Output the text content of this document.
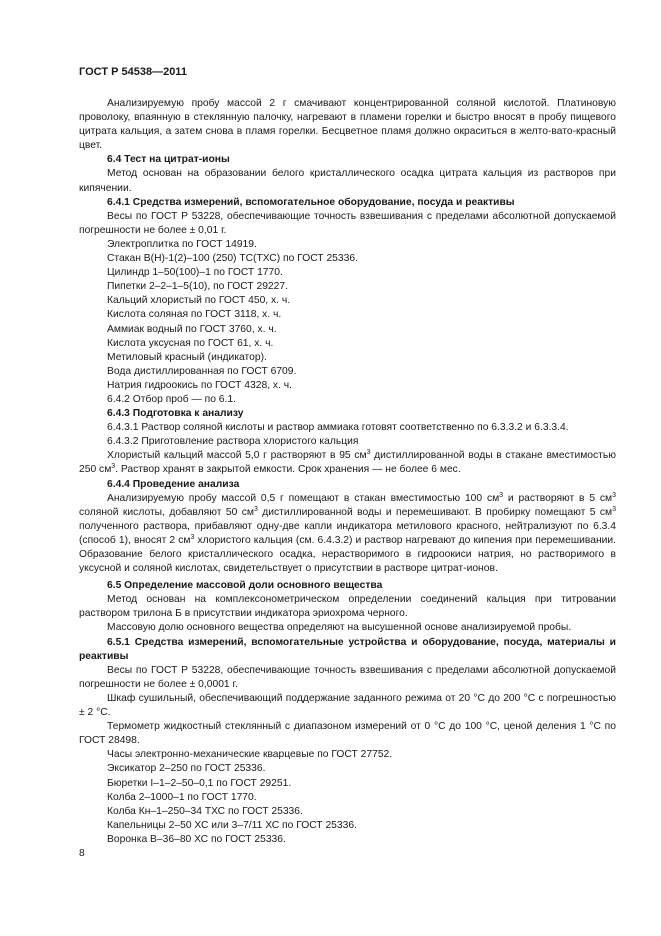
ГОСТ Р 54538—2011

Анализируемую пробу массой 2 г смачивают концентрированной соляной кислотой. Платиновую проволоку, впаянную в стеклянную палочку, нагревают в пламени горелки и быстро вносят в пробу пищевого цитрата кальция, а затем снова в пламя горелки. Бесцветное пламя должно окраситься в желто-вато-красный цвет.

6.4 Тест на цитрат-ионы

Метод основан на образовании белого кристаллического осадка цитрата кальция из растворов при кипячении.

6.4.1 Средства измерений, вспомогательное оборудование, посуда и реактивы

Весы по ГОСТ Р 53228, обеспечивающие точность взвешивания с пределами абсолютной допускаемой погрешности не более ± 0,01 г.

Электроплитка по ГОСТ 14919.

Стакан В(Н)-1(2)–100 (250) ТС(ТХС) по ГОСТ 25336.

Цилиндр 1–50(100)–1 по ГОСТ 1770.

Пипетки 2–2–1–5(10), по ГОСТ 29227.

Кальций хлористый по ГОСТ 450, х. ч.

Кислота соляная по ГОСТ 3118, х. ч.

Аммиак водный по ГОСТ 3760, х. ч.

Кислота уксусная по ГОСТ 61, х. ч.

Метиловый красный (индикатор).

Вода дистиллированная по ГОСТ 6709.

Натрия гидроокись по ГОСТ 4328, х. ч.

6.4.2 Отбор проб — по 6.1.

6.4.3 Подготовка к анализу

6.4.3.1 Раствор соляной кислоты и раствор аммиака готовят соответственно по 6.3.3.2 и 6.3.3.4.

6.4.3.2 Приготовление раствора хлористого кальция

Хлористый кальций массой 5,0 г растворяют в 95 $см^3$ дистиллированной воды в стакане вместимостью 250 $см^3$. Раствор хранят в закрытой емкости. Срок хранения — не более 6 мес.

6.4.4 Проведение анализа

Анализируемую пробу массой 0,5 г помещают в стакан вместимостью 100 $см^3$ и растворяют в 5 $см^3$ соляной кислоты, добавляют 50 $см^3$ дистиллированной воды и перемешивают. В пробирку помещают 5 $см^3$ полученного раствора, прибавляют одну-две капли индикатора метилового красного, нейтрализуют по 6.3.4 (способ 1), вносят 2 $см^3$ хлористого кальция (см. 6.4.3.2) и раствор нагревают до кипения при перемешивании. Образование белого кристаллического осадка, нерастворимого в гидроокиси натрия, но растворимого в уксусной и соляной кислотах, свидетельствует о присутствии в растворе цитрат-ионов.

6.5 Определение массовой доли основного вещества

Метод основан на комплексонометрическом определении соединений кальция при титровании раствором трилона Б в присутствии индикатора эриохрома черного.

Массовую долю основного вещества определяют на высушенной основе анализируемой пробы.

6.5.1 Средства измерений, вспомогательные устройства и оборудование, посуда, материалы и реактивы

Весы по ГОСТ Р 53228, обеспечивающие точность взвешивания с пределами абсолютной допускаемой погрешности не более ± 0,0001 г.

Шкаф сушильный, обеспечивающий поддержание заданного режима от 20 °С до 200 °С с погрешностью ± 2 °С.

Термометр жидкостный стеклянный с диапазоном измерений от 0 °С до 100 °С, ценой деления 1 °С по ГОСТ 28498.

Часы электронно-механические кварцевые по ГОСТ 27752.

Эксикатор 2–250 по ГОСТ 25336.

Бюретки I–1–2–50–0,1 по ГОСТ 29251.

Колба 2–1000–1 по ГОСТ 1770.

Колба Кн–1–250–34 ТХС по ГОСТ 25336.

Капельницы 2–50 ХС или 3–7/11 ХС по ГОСТ 25336.

Воронка В–36–80 ХС по ГОСТ 25336.

8
